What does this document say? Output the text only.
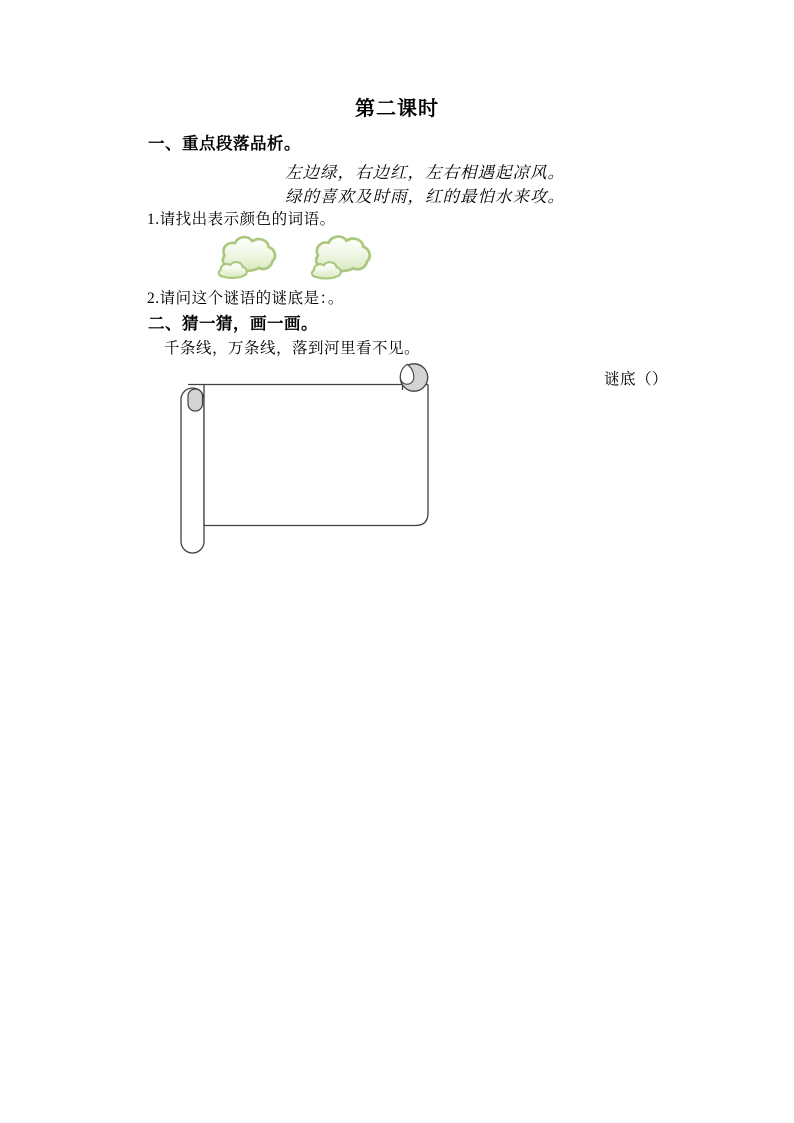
第二课时
一、重点段落品析。
左边绿，右边红，左右相遇起凉风。
绿的喜欢及时雨，红的最怕水来攻。
1.请找出表示颜色的词语。
2.请问这个谜语的谜底是：。
二、猜一猜，画一画。
千条线，万条线，落到河里看不见。
谜底（）
